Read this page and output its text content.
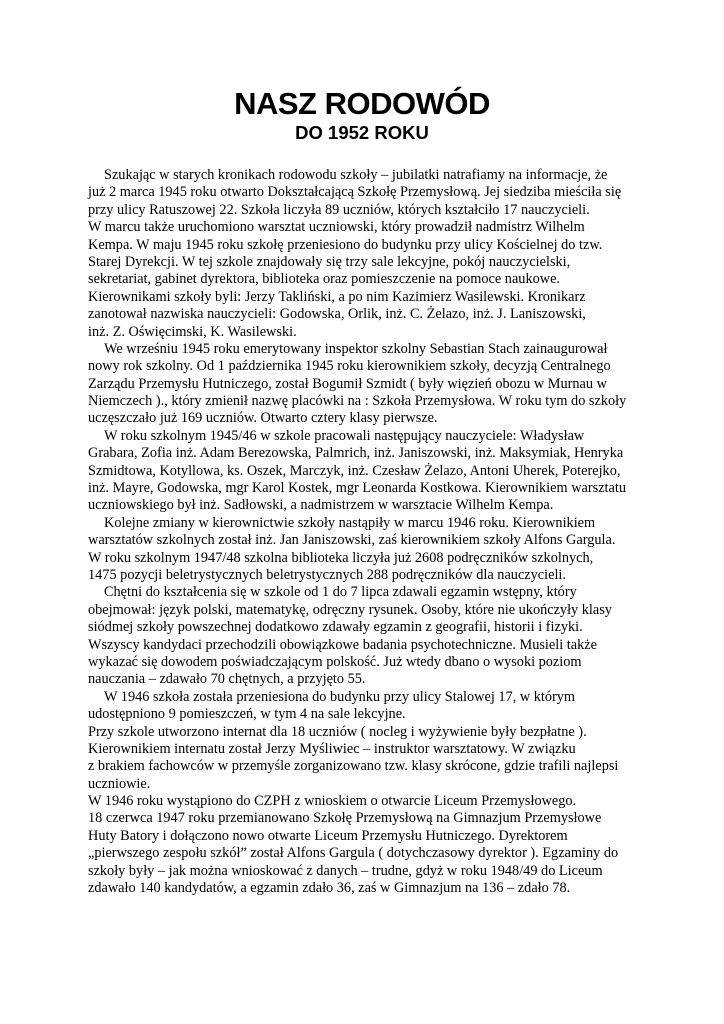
NASZ RODOWÓD
DO 1952 ROKU
Szukając w starych kronikach rodowodu szkoły – jubilatki natrafiamy na informacje, że
już 2 marca 1945 roku otwarto Dokształcającą Szkołę Przemysłową. Jej siedziba mieściła się
przy ulicy Ratuszowej 22. Szkoła liczyła 89 uczniów, których kształciło 17 nauczycieli.
W marcu także uruchomiono warsztat uczniowski, który prowadził nadmistrz Wilhelm
Kempa. W maju 1945 roku szkołę przeniesiono do budynku przy ulicy Kościelnej do tzw.
Starej Dyrekcji. W tej szkole znajdowały się trzy sale lekcyjne, pokój nauczycielski,
sekretariat, gabinet dyrektora, biblioteka oraz pomieszczenie na pomoce naukowe.
Kierownikami szkoły byli: Jerzy Takliński, a po nim Kazimierz Wasilewski. Kronikarz
zanotował nazwiska nauczycieli: Godowska, Orlik, inż. C. Żelazo, inż. J. Laniszowski,
inż. Z. Oświęcimski, K. Wasilewski.
We wrześniu 1945 roku emerytowany inspektor szkolny Sebastian Stach zainaugurował
nowy rok szkolny. Od 1 października 1945 roku kierownikiem szkoły, decyzją Centralnego
Zarządu Przemysłu Hutniczego, został Bogumił Szmidt ( były więzień obozu w Murnau w
Niemczech )., który zmienił nazwę placówki na : Szkoła Przemysłowa. W roku tym do szkoły
uczęszczało już 169 uczniów. Otwarto cztery klasy pierwsze.
W roku szkolnym 1945/46 w szkole pracowali następujący nauczyciele: Władysław
Grabara, Zofia inż. Adam Berezowska, Palmrich, inż. Janiszowski, inż. Maksymiak, Henryka
Szmidtowa, Kotyllowa, ks. Oszek, Marczyk, inż. Czesław Żelazo, Antoni Uherek, Poterejko,
inż. Mayre, Godowska, mgr Karol Kostek, mgr Leonarda Kostkowa. Kierownikiem warsztatu
uczniowskiego był inż. Sadłowski, a nadmistrzem w warsztacie Wilhelm Kempa.
Kolejne zmiany w kierownictwie szkoły nastąpiły w marcu 1946 roku. Kierownikiem
warsztatów szkolnych został inż. Jan Janiszowski, zaś kierownikiem szkoły Alfons Gargula.
W roku szkolnym 1947/48 szkolna biblioteka liczyła już 2608 podręczników szkolnych,
1475 pozycji beletrystycznych beletrystycznych 288 podręczników dla nauczycieli.
Chętni do kształcenia się w szkole od 1 do 7 lipca zdawali egzamin wstępny, który
obejmował: język polski, matematykę, odręczny rysunek. Osoby, które nie ukończyły klasy
siódmej szkoły powszechnej dodatkowo zdawały egzamin z geografii, historii i fizyki.
Wszyscy kandydaci przechodzili obowiązkowe badania psychotechniczne. Musieli także
wykazać się dowodem poświadczającym polskość. Już wtedy dbano o wysoki poziom
nauczania – zdawało 70 chętnych, a przyjęto 55.
W 1946 szkoła została przeniesiona do budynku przy ulicy Stalowej 17, w którym
udostępniono 9 pomieszczeń, w tym 4 na sale lekcyjne.
Przy szkole utworzono internat dla 18 uczniów ( nocleg i wyżywienie były bezpłatne ).
Kierownikiem internatu został Jerzy Myśliwiec – instruktor warsztatowy. W związku
z brakiem fachowców w przemyśle zorganizowano tzw. klasy skrócone, gdzie trafili najlepsi
uczniowie.
W 1946 roku wystąpiono do CZPH z wnioskiem o otwarcie Liceum Przemysłowego.
18 czerwca 1947 roku przemianowano Szkołę Przemysłową na Gimnazjum Przemysłowe
Huty Batory i dołączono nowo otwarte Liceum Przemysłu Hutniczego. Dyrektorem
„pierwszego zespołu szkół” został Alfons Gargula ( dotychczasowy dyrektor ). Egzaminy do
szkoły były – jak można wnioskować z danych – trudne, gdyż w roku 1948/49 do Liceum
zdawało 140 kandydatów, a egzamin zdało 36, zaś w Gimnazjum na 136 – zdało 78.
